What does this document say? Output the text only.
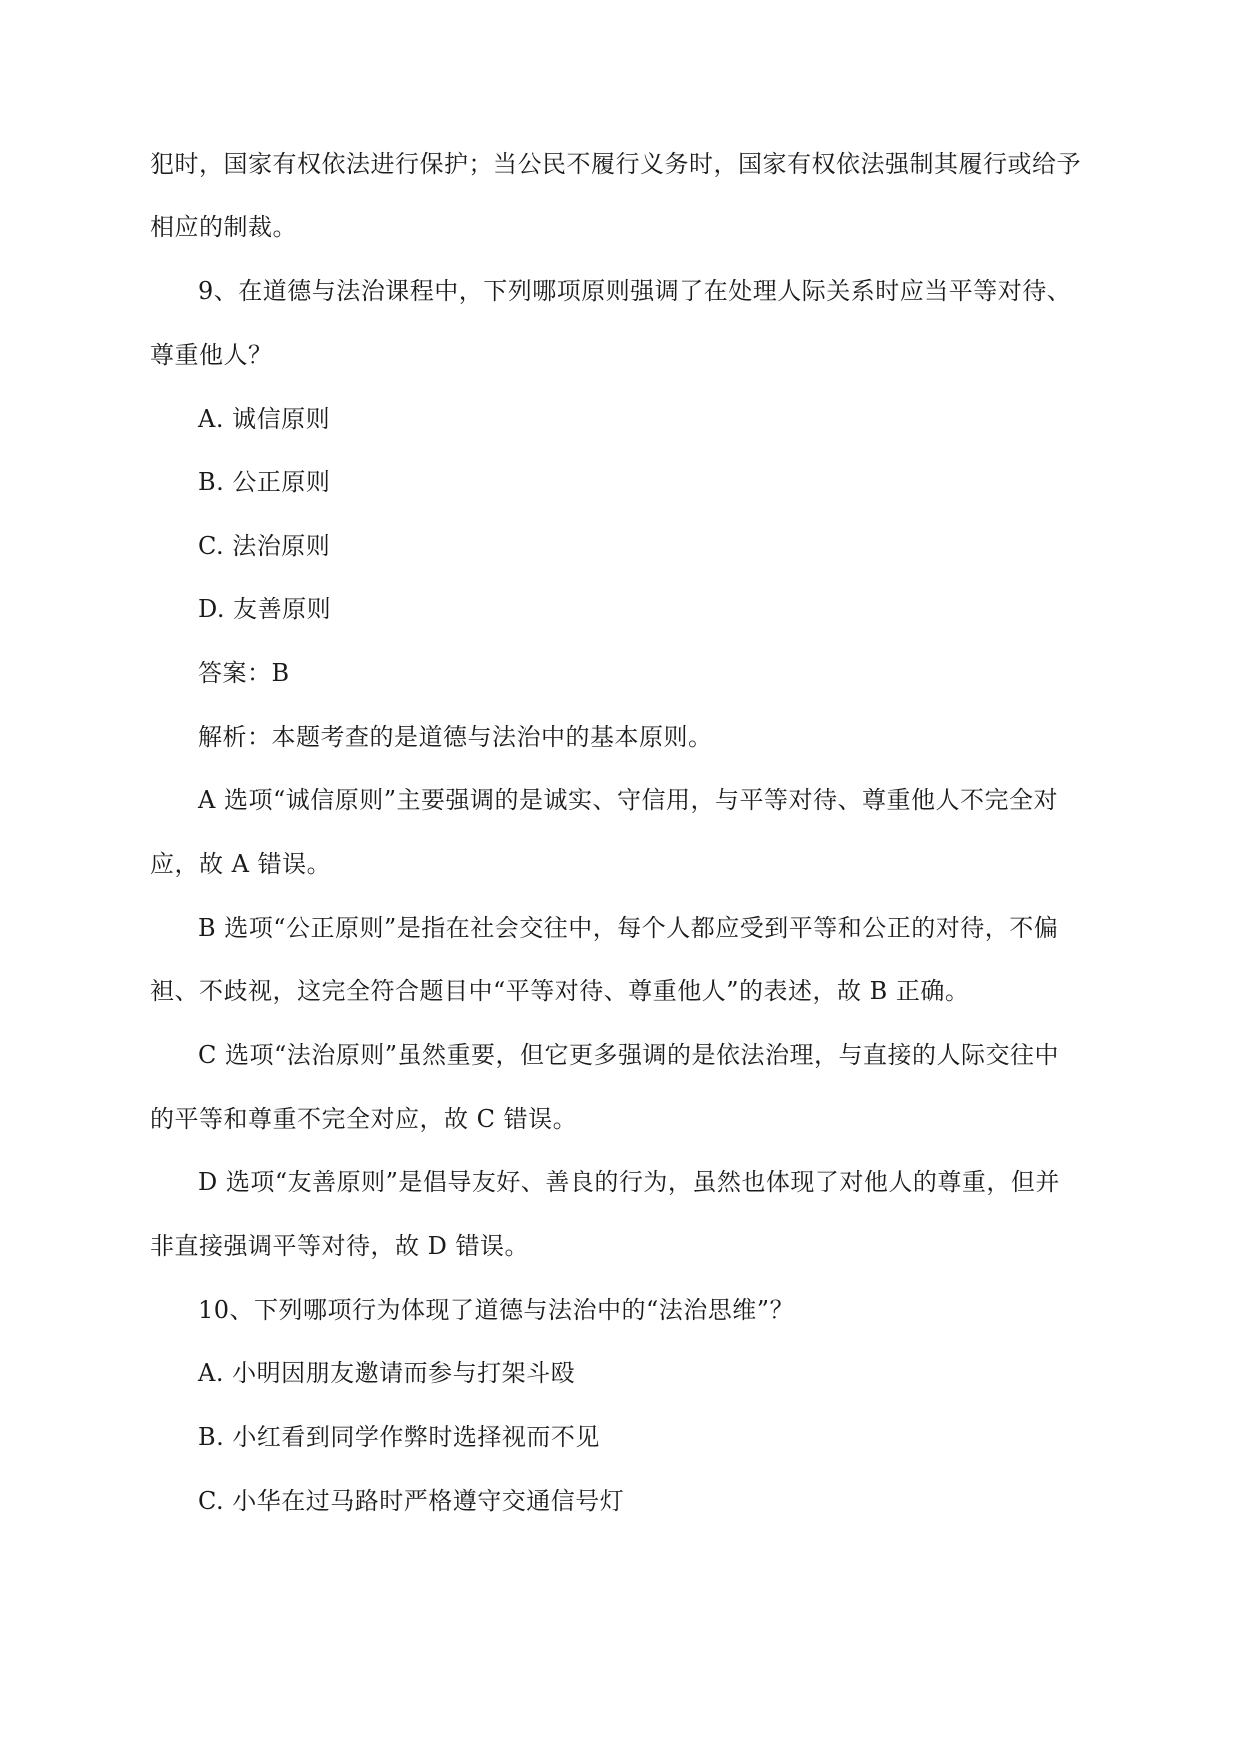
犯时，国家有权依法进行保护；当公民不履行义务时，国家有权依法强制其履行或给予
相应的制裁。
9、在道德与法治课程中，下列哪项原则强调了在处理人际关系时应当平等对待、
尊重他人？
A. 诚信原则
B. 公正原则
C. 法治原则
D. 友善原则
答案：B
解析：本题考查的是道德与法治中的基本原则。
A 选项“诚信原则”主要强调的是诚实、守信用，与平等对待、尊重他人不完全对
应，故 A 错误。
B 选项“公正原则”是指在社会交往中，每个人都应受到平等和公正的对待，不偏
袒、不歧视，这完全符合题目中“平等对待、尊重他人”的表述，故 B 正确。
C 选项“法治原则”虽然重要，但它更多强调的是依法治理，与直接的人际交往中
的平等和尊重不完全对应，故 C 错误。
D 选项“友善原则”是倡导友好、善良的行为，虽然也体现了对他人的尊重，但并
非直接强调平等对待，故 D 错误。
10、下列哪项行为体现了道德与法治中的“法治思维”？
A. 小明因朋友邀请而参与打架斗殴
B. 小红看到同学作弊时选择视而不见
C. 小华在过马路时严格遵守交通信号灯
